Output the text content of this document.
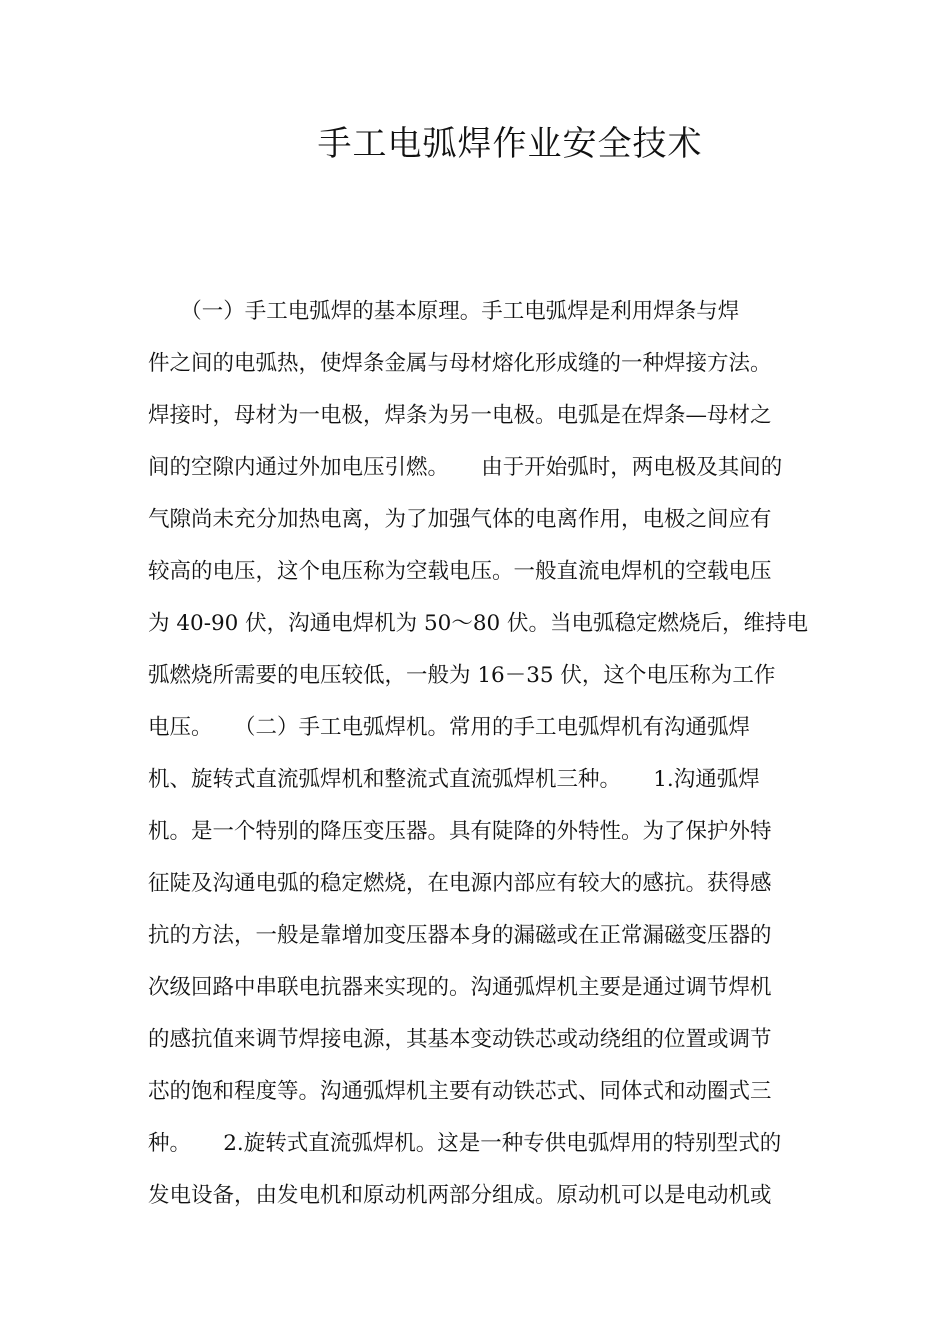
手工电弧焊作业安全技术
　　（一）手工电弧焊的基本原理。手工电弧焊是利用焊条与焊
件之间的电弧热，使焊条金属与母材熔化形成缝的一种焊接方法。
焊接时，母材为一电极，焊条为另一电极。电弧是在焊条—母材之
间的空隙内通过外加电压引燃。　　由于开始弧时，两电极及其间的
气隙尚未充分加热电离，为了加强气体的电离作用，电极之间应有
较高的电压，这个电压称为空载电压。一般直流电焊机的空载电压
为 40-90 伏，沟通电焊机为 50～80 伏。当电弧稳定燃烧后，维持电
弧燃烧所需要的电压较低，一般为 16－35 伏，这个电压称为工作
电压。　　（二）手工电弧焊机。常用的手工电弧焊机有沟通弧焊
机、旋转式直流弧焊机和整流式直流弧焊机三种。　　1.沟通弧焊
机。是一个特别的降压变压器。具有陡降的外特性。为了保护外特
征陡及沟通电弧的稳定燃烧，在电源内部应有较大的感抗。获得感
抗的方法，一般是靠增加变压器本身的漏磁或在正常漏磁变压器的
次级回路中串联电抗器来实现的。沟通弧焊机主要是通过调节焊机
的感抗值来调节焊接电源，其基本变动铁芯或动绕组的位置或调节
芯的饱和程度等。沟通弧焊机主要有动铁芯式、同体式和动圈式三
种。　　2.旋转式直流弧焊机。这是一种专供电弧焊用的特别型式的
发电设备，由发电机和原动机两部分组成。原动机可以是电动机或
